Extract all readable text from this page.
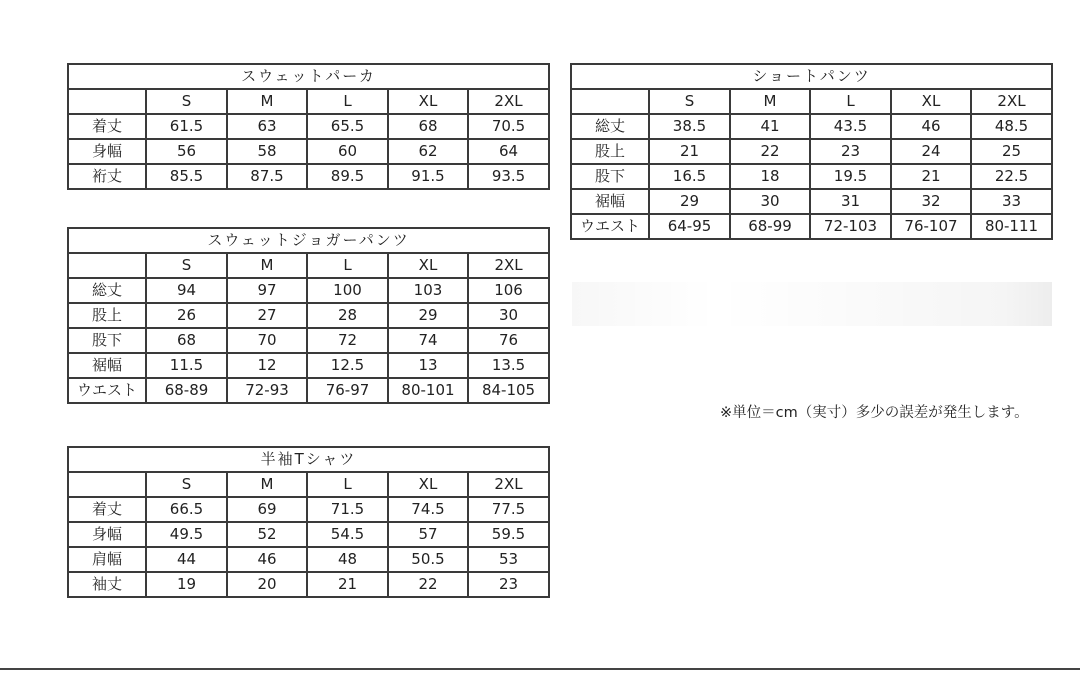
スウェットパーカ					
	S	M	L	XL	2XL
着丈	61.5	63	65.5	68	70.5
身幅	56	58	60	62	64
裄丈	85.5	87.5	89.5	91.5	93.5
スウェットジョガーパンツ					
	S	M	L	XL	2XL
総丈	94	97	100	103	106
股上	26	27	28	29	30
股下	68	70	72	74	76
裾幅	11.5	12	12.5	13	13.5
ウエスト	68-89	72-93	76-97	80-101	84-105
半袖Tシャツ					
	S	M	L	XL	2XL
着丈	66.5	69	71.5	74.5	77.5
身幅	49.5	52	54.5	57	59.5
肩幅	44	46	48	50.5	53
袖丈	19	20	21	22	23
ショートパンツ					
	S	M	L	XL	2XL
総丈	38.5	41	43.5	46	48.5
股上	21	22	23	24	25
股下	16.5	18	19.5	21	22.5
裾幅	29	30	31	32	33
ウエスト	64-95	68-99	72-103	76-107	80-111
※単位＝cm（実寸）多少の誤差が発生します。
